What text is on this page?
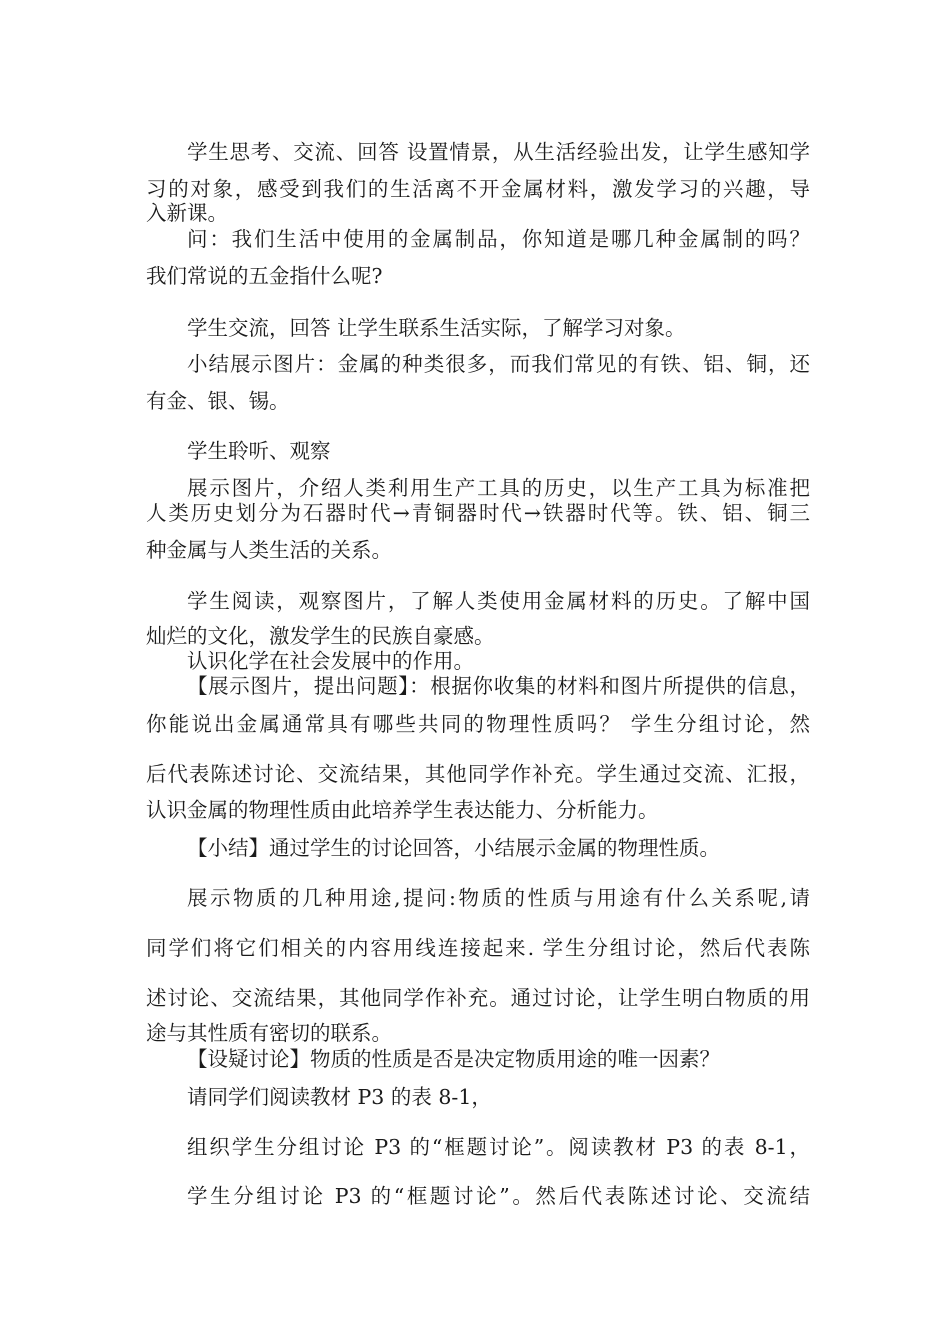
学生思考、交流、回答 设置情景，从生活经验出发，让学生感知学
习的对象，感受到我们的生活离不开金属材料，激发学习的兴趣，导
入新课。
问：我们生活中使用的金属制品，你知道是哪几种金属制的吗？
我们常说的五金指什么呢?
学生交流，回答 让学生联系生活实际，了解学习对象。
小结展示图片：金属的种类很多，而我们常见的有铁、铝、铜，还
有金、银、锡。
学生聆听、观察
展示图片，介绍人类利用生产工具的历史，以生产工具为标准把
人类历史划分为石器时代→青铜器时代→铁器时代等。铁、铝、铜三
种金属与人类生活的关系。
学生阅读，观察图片，了解人类使用金属材料的历史。了解中国
灿烂的文化，激发学生的民族自豪感。
认识化学在社会发展中的作用。
【展示图片，提出问题】：根据你收集的材料和图片所提供的信息，
你能说出金属通常具有哪些共同的物理性质吗？ 学生分组讨论，然
后代表陈述讨论、交流结果，其他同学作补充。学生通过交流、汇报，
认识金属的物理性质由此培养学生表达能力、分析能力。
【小结】通过学生的讨论回答，小结展示金属的物理性质。
展示物质的几种用途,提问:物质的性质与用途有什么关系呢,请
同学们将它们相关的内容用线连接起来. 学生分组讨论，然后代表陈
述讨论、交流结果，其他同学作补充。通过讨论，让学生明白物质的用
途与其性质有密切的联系。
【设疑讨论】物质的性质是否是决定物质用途的唯一因素？
请同学们阅读教材 P3 的表 8-1，
组织学生分组讨论 P3 的“框题讨论”。阅读教材 P3 的表 8-1，
学生分组讨论 P3 的“框题讨论”。然后代表陈述讨论、交流结
